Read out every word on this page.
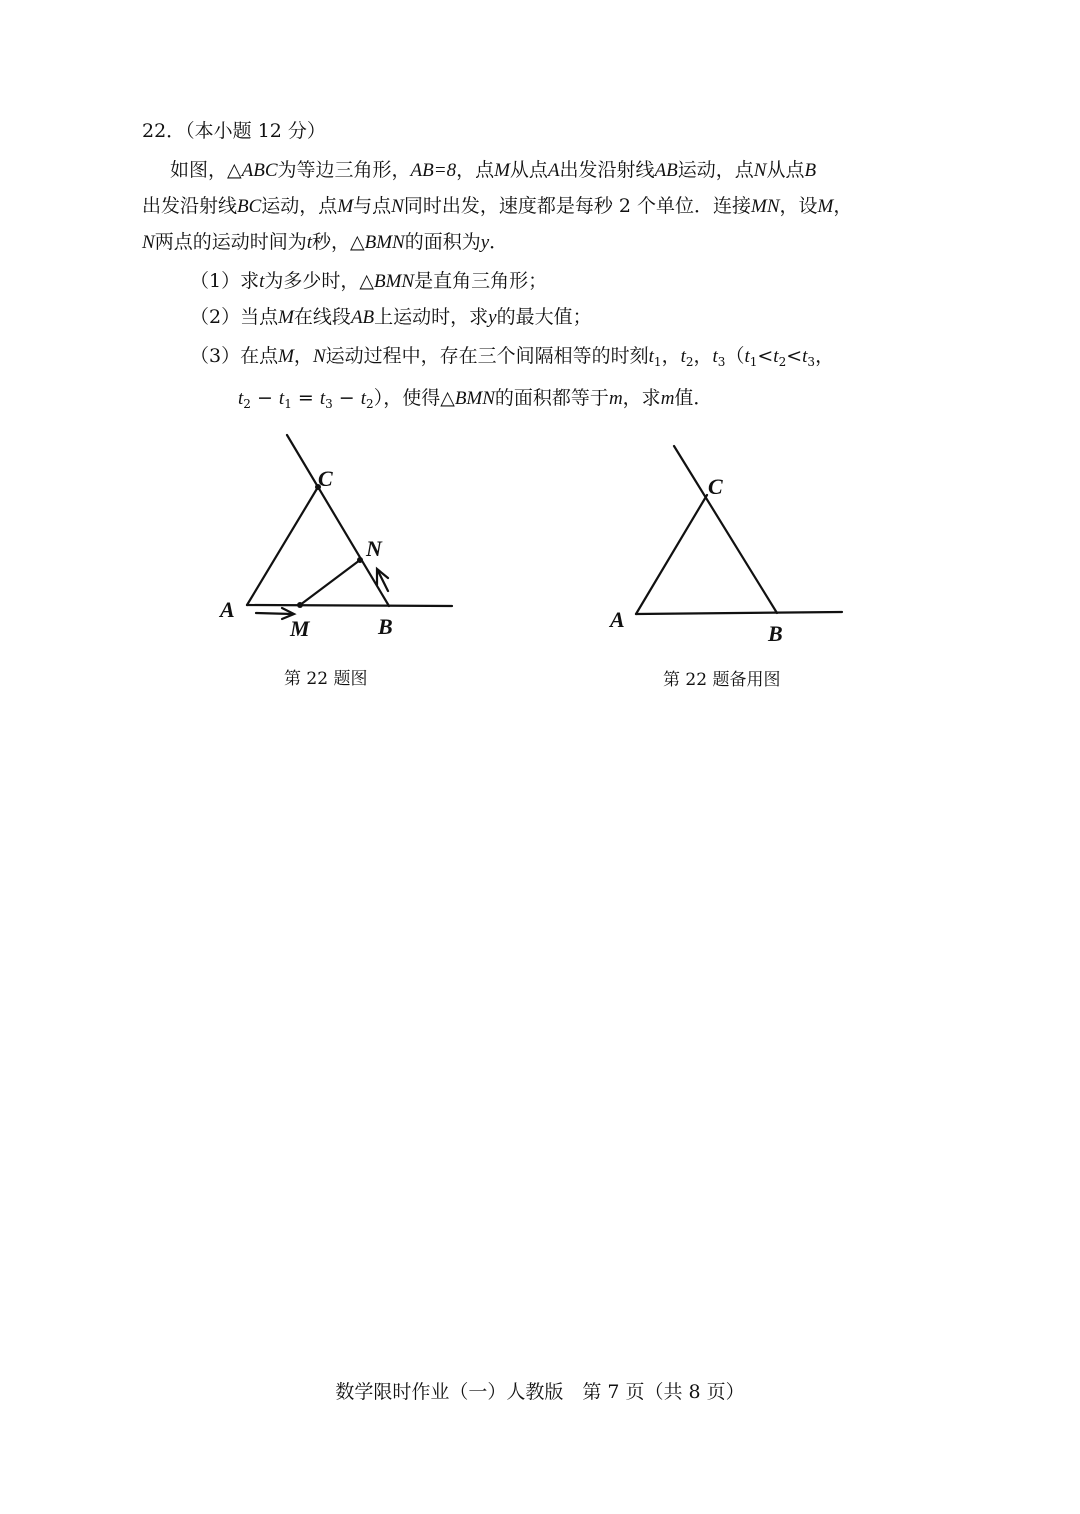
22．（本小题 12 分）
如图，△ABC为等边三角形，AB=8，点M从点A出发沿射线AB运动，点N从点B
出发沿射线BC运动，点M与点N同时出发，速度都是每秒 2 个单位．连接MN，设M，
N两点的运动时间为t秒，△BMN的面积为y．
（1）求t为多少时，△BMN是直角三角形；
（2）当点M在线段AB上运动时，求y的最大值；
（3）在点M，N运动过程中，存在三个间隔相等的时刻$t_1$，$t_2$，$t_3(t_1<t_2<t_3$，
$t_2 - t_1 = t_3 - t_2$），使得△BMN的面积都等于m，求m值．
C
N
A
M	B
C
A
B
第 22 题图	第 22 题备用图
数学限时作业（一）人教版　第 7 页（共 8 页）
